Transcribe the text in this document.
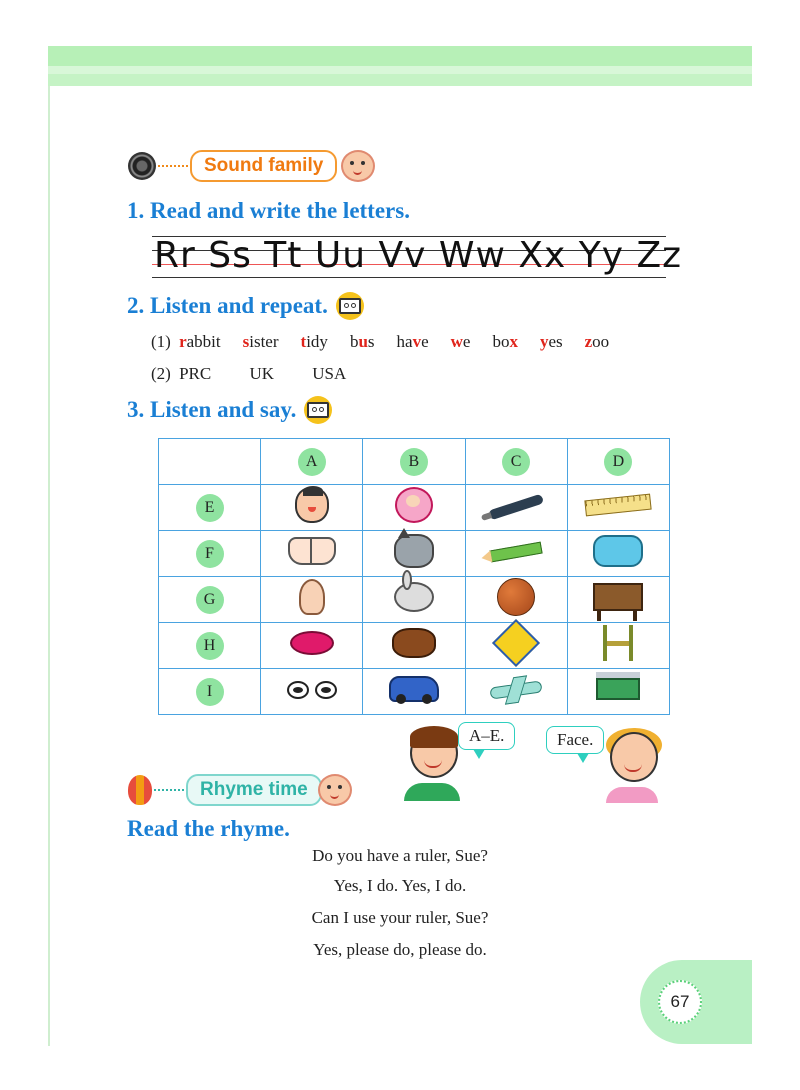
Sound family
1. Read and write the letters.
Rr Ss Tt Uu Vv Ww Xx Yy Zz
2. Listen and repeat.
(1) rabbit sister tidy bus have we box yes zoo
(2) PRC UK USA
3. Listen and say.
	A	B	C	D
E				
F				
G				
H				
I				
A–E.	Face.
Rhyme time
Read the rhyme.
Do you have a ruler, Sue?
Yes, I do. Yes, I do.
Can I use your ruler, Sue?
Yes, please do, please do.
67
